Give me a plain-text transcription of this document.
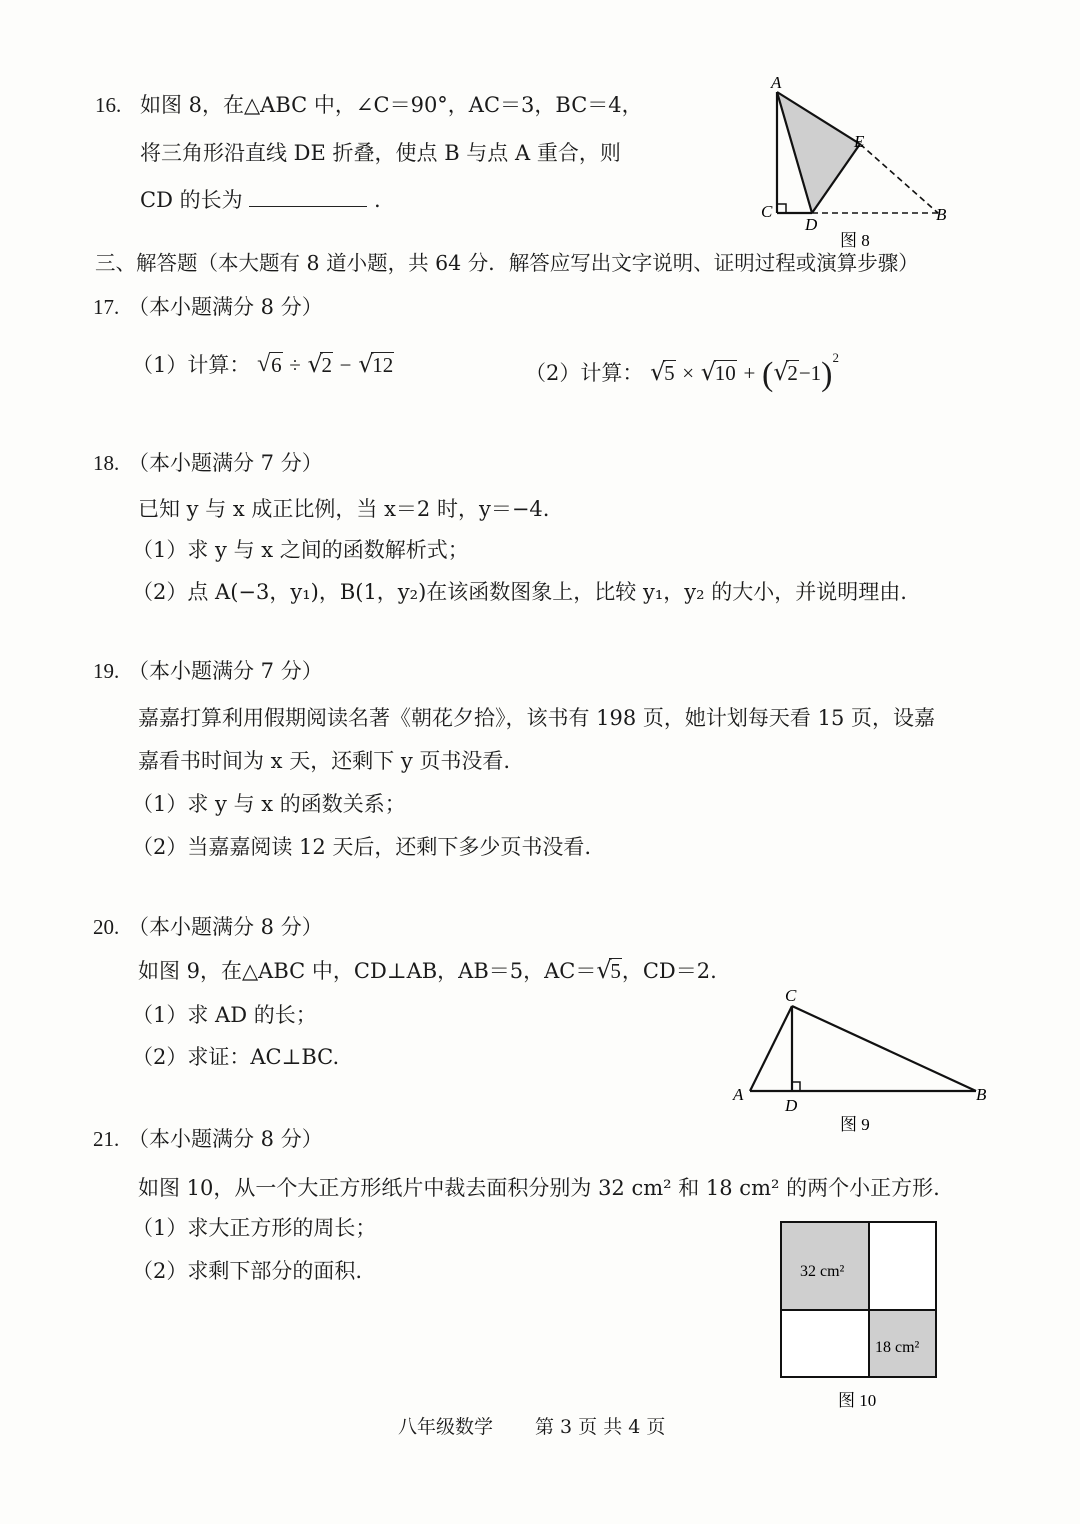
16. 如图 8，在△ABC 中，∠C＝90°，AC＝3，BC＝4，
将三角形沿直线 DE 折叠，使点 B 与点 A 重合，则
CD 的长为	.
A
E
C
D
B
图 8
三、解答题（本大题有 8 道小题，共 64 分．解答应写出文字说明、证明过程或演算步骤）
17. （本小题满分 8 分）
（1）计算： √ 6 ÷ √
2 − √
12	（2）计算： √
5 × √
10 + ( √
2−1)$^2$
18. （本小题满分 7 分）
已知 y 与 x 成正比例，当 x＝2 时，y＝−4.
（1）求 y 与 x 之间的函数解析式；
（2）点 A(−3，y₁)，B(1，y₂)在该函数图象上，比较 y₁，y₂ 的大小，并说明理由.
19. （本小题满分 7 分）
嘉嘉打算利用假期阅读名著《朝花夕拾》，该书有 198 页，她计划每天看 15 页，设嘉
嘉看书时间为 x 天，还剩下 y 页书没看.
（1）求 y 与 x 的函数关系；
（2）当嘉嘉阅读 12 天后，还剩下多少页书没看.
20. （本小题满分 8 分）
如图 9，在△ABC 中，CD⊥AB，AB＝5，AC＝ √
5，CD＝2.
（1）求 AD 的长；
（2）求证：AC⊥BC.
C
A
D
B
图 9
21. （本小题满分 8 分）
如图 10，从一个大正方形纸片中裁去面积分别为 32 cm² 和 18 cm² 的两个小正方形.
（1）求大正方形的周长；
（2）求剩下部分的面积.	32 cm²
18 cm²
图 10
八年级数学 第 3 页 共 4 页
